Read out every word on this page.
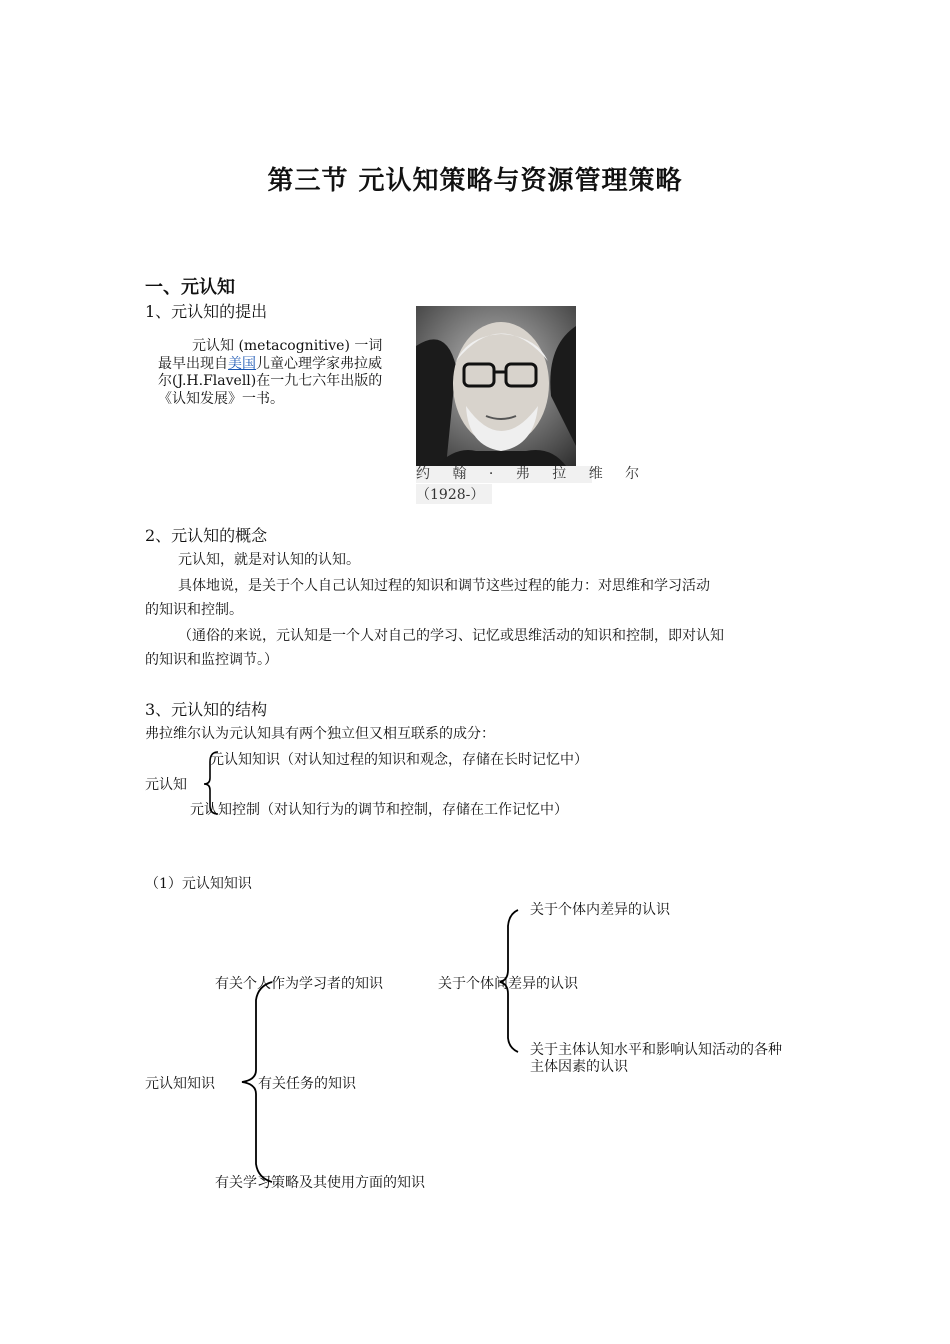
第三节 元认知策略与资源管理策略
一、元认知
1、元认知的提出
元认知 (metacognitive) 一词最早出现自美国儿童心理学家弗拉威尔(J.H.Flavell)在一九七六年出版的《认知发展》一书。
约 翰 · 弗 拉 维 尔
（1928-）
2、元认知的概念
元认知，就是对认知的认知。
具体地说，是关于个人自己认知过程的知识和调节这些过程的能力：对思维和学习活动
的知识和控制。
（通俗的来说，元认知是一个人对自己的学习、记忆或思维活动的知识和控制，即对认知
的知识和监控调节。）
3、元认知的结构
弗拉维尔认为元认知具有两个独立但又相互联系的成分：
元认知知识（对认知过程的知识和观念，存储在长时记忆中）
元认知
元认知控制（对认知行为的调节和控制，存储在工作记忆中）
（1）元认知知识
关于个体内差异的认识
有关个人作为学习者的知识	关于个体间差异的认识
关于主体认知水平和影响认知活动的各种
主体因素的认识
元认知知识	有关任务的知识
有关学习策略及其使用方面的知识
